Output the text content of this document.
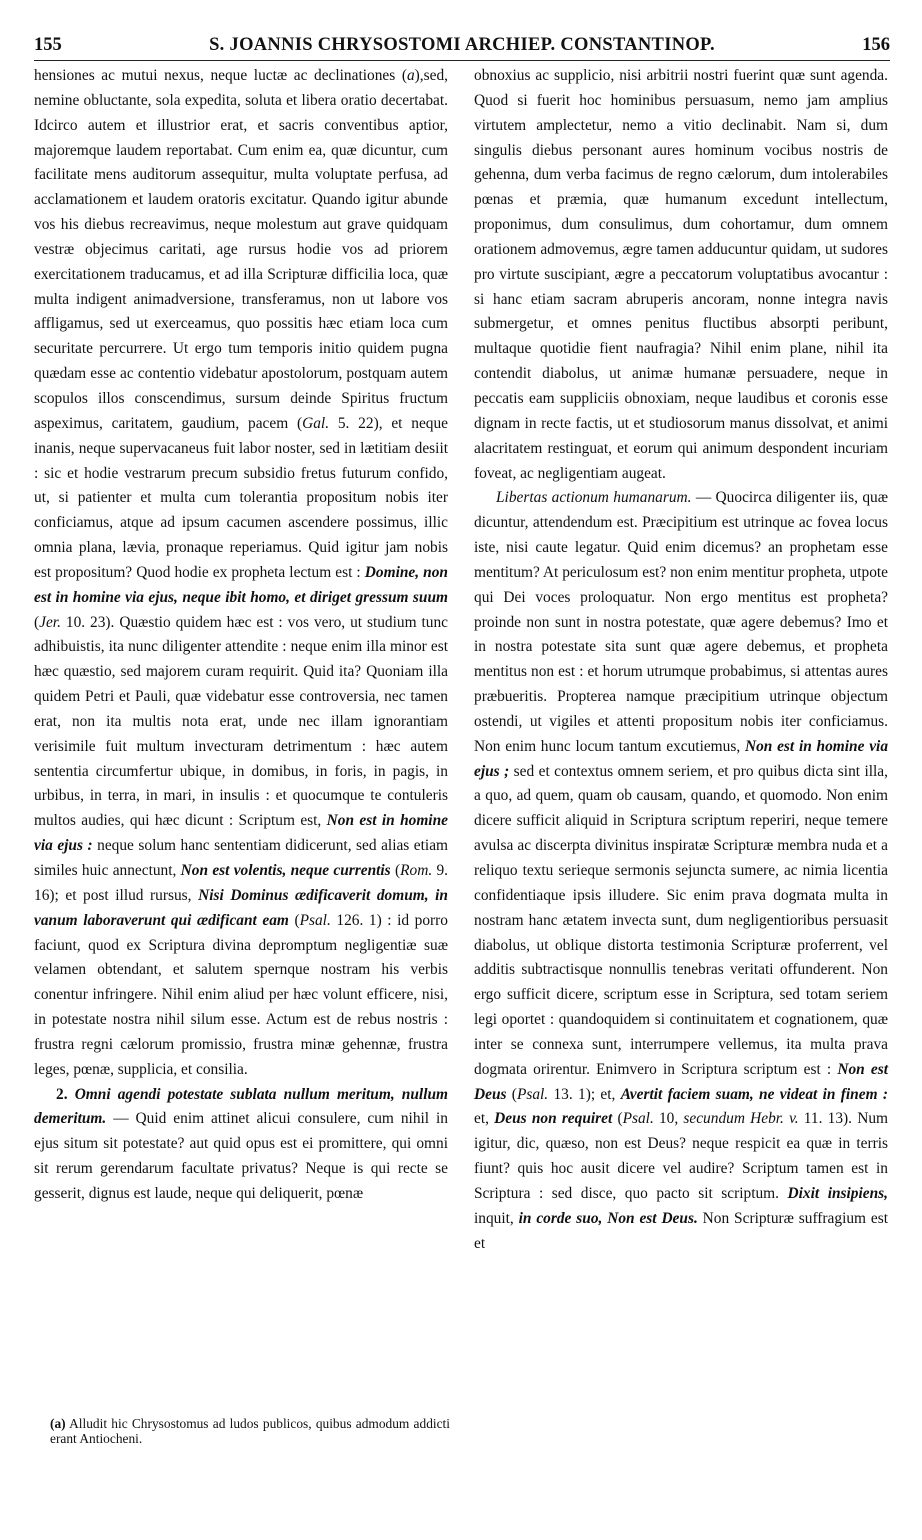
155	S. JOANNIS CHRYSOSTOMI ARCHIEP. CONSTANTINOP.	156

hensiones ac mutui nexus, neque luctæ ac declinationes (a),sed, nemine obluctante, sola expedita, soluta et libera oratio decertabat. Idcirco autem et illustrior erat, et sacris conventibus aptior, majoremque laudem reportabat. Cum enim ea, quæ dicuntur, cum facilitate mens auditorum assequitur, multa voluptate perfusa, ad acclamationem et laudem oratoris excitatur. Quando igitur abunde vos his diebus recreavimus, neque molestum aut grave quidquam vestræ objecimus caritati, age rursus hodie vos ad priorem exercitationem traducamus, et ad illa Scripturæ difficilia loca, quæ multa indigent animadversione, transferamus, non ut labore vos affligamus, sed ut exerceamus, quo possitis hæc etiam loca cum securitate percurrere. Ut ergo tum temporis initio quidem pugna quædam esse ac contentio videbatur apostolorum, postquam autem scopulos illos conscendimus, sursum deinde Spiritus fructum aspeximus, caritatem, gaudium, pacem (Gal. 5. 22), et neque inanis, neque supervacaneus fuit labor noster, sed in lætitiam desiit : sic et hodie vestrarum precum subsidio fretus futurum confido, ut, si patienter et multa cum tolerantia propositum nobis iter conficiamus, atque ad ipsum cacumen ascendere possimus, illic omnia plana, lævia, pronaque reperiamus. Quid igitur jam nobis est propositum? Quod hodie ex propheta lectum est : Domine, non est in homine via ejus, neque ibit homo, et diriget gressum suum (Jer. 10. 23). Quæstio quidem hæc est : vos vero, ut studium tunc adhibuistis, ita nunc diligenter attendite : neque enim illa minor est hæc quæstio, sed majorem curam requirit. Quid ita? Quoniam illa quidem Petri et Pauli, quæ videbatur esse controversia, nec tamen erat, non ita multis nota erat, unde nec illam ignorantiam verisimile fuit multum invecturam detrimentum : hæc autem sententia circumfertur ubique, in domibus, in foris, in pagis, in urbibus, in terra, in mari, in insulis : et quocumque te contuleris multos audies, qui hæc dicunt : Scriptum est, Non est in homine via ejus : neque solum hanc sententiam didicerunt, sed alias etiam similes huic annectunt, Non est volentis, neque currentis (Rom. 9. 16); et post illud rursus, Nisi Dominus ædificaverit domum, in vanum laboraverunt qui ædificant eam (Psal. 126. 1) : id porro faciunt, quod ex Scriptura divina depromptum negligentiæ suæ velamen obtendant, et salutem spernque nostram his verbis conentur infringere. Nihil enim aliud per hæc volunt efficere, nisi, in potestate nostra nihil silum esse. Actum est de rebus nostris : frustra regni cælorum promissio, frustra minæ gehennæ, frustra leges, pœnæ, supplicia, et consilia.

2. Omni agendi potestate sublata nullum meritum, nullum demeritum. — Quid enim attinet alicui consulere, cum nihil in ejus situm sit potestate? aut quid opus est ei promittere, qui omni sit rerum gerendarum facultate privatus? Neque is qui recte se gesserit, dignus est laude, neque qui deliquerit, pœnæ

obnoxius ac supplicio, nisi arbitrii nostri fuerint quæ sunt agenda. Quod si fuerit hoc hominibus persuasum, nemo jam amplius virtutem amplectetur, nemo a vitio declinabit. Nam si, dum singulis diebus personant aures hominum vocibus nostris de gehenna, dum verba facimus de regno cælorum, dum intolerabiles pœnas et præmia, quæ humanum excedunt intellectum, proponimus, dum consulimus, dum cohortamur, dum omnem orationem admovemus, ægre tamen adducuntur quidam, ut sudores pro virtute suscipiant, ægre a peccatorum voluptatibus avocantur : si hanc etiam sacram abruperis ancoram, nonne integra navis submergetur, et omnes penitus fluctibus absorpti peribunt, multaque quotidie fient naufragia? Nihil enim plane, nihil ita contendit diabolus, ut animæ humanæ persuadere, neque in peccatis eam suppliciis obnoxiam, neque laudibus et coronis esse dignam in recte factis, ut et studiosorum manus dissolvat, et animi alacritatem restinguat, et eorum qui animum despondent incuriam foveat, ac negligentiam augeat.

Libertas actionum humanarum. — Quocirca diligenter iis, quæ dicuntur, attendendum est. Præcipitium est utrinque ac fovea locus iste, nisi caute legatur. Quid enim dicemus? an prophetam esse mentitum? At periculosum est? non enim mentitur propheta, utpote qui Dei voces proloquatur. Non ergo mentitus est propheta? proinde non sunt in nostra potestate, quæ agere debemus? Imo et in nostra potestate sita sunt quæ agere debemus, et propheta mentitus non est : et horum utrumque probabimus, si attentas aures præbueritis. Propterea namque præcipitium utrinque objectum ostendi, ut vigiles et attenti propositum nobis iter conficiamus. Non enim hunc locum tantum excutiemus, Non est in homine via ejus ; sed et contextus omnem seriem, et pro quibus dicta sint illa, a quo, ad quem, quam ob causam, quando, et quomodo. Non enim dicere sufficit aliquid in Scriptura scriptum reperiri, neque temere avulsa ac discerpta divinitus inspiratæ Scripturæ membra nuda et a reliquo textu serieque sermonis sejuncta sumere, ac nimia licentia confidentiaque ipsis illudere. Sic enim prava dogmata multa in nostram hanc ætatem invecta sunt, dum negligentioribus persuasit diabolus, ut oblique distorta testimonia Scripturæ proferrent, vel additis subtractisque nonnullis tenebras veritati offunderent. Non ergo sufficit dicere, scriptum esse in Scriptura, sed totam seriem legi oportet : quandoquidem si continuitatem et cognationem, quæ inter se connexa sunt, interrumpere vellemus, ita multa prava dogmata orirentur. Enimvero in Scriptura scriptum est : Non est Deus (Psal. 13. 1); et, Avertit faciem suam, ne videat in finem : et, Deus non requiret (Psal. 10, secundum Hebr. v. 11. 13). Num igitur, dic, quæso, non est Deus? neque respicit ea quæ in terris fiunt? quis hoc ausit dicere vel audire? Scriptum tamen est in Scriptura : sed disce, quo pacto sit scriptum. Dixit insipiens, inquit, in corde suo, Non est Deus. Non Scripturæ suffragium est et

(a) Alludit hic Chrysostomus ad ludos publicos, quibus admodum addicti erant Antiocheni.
